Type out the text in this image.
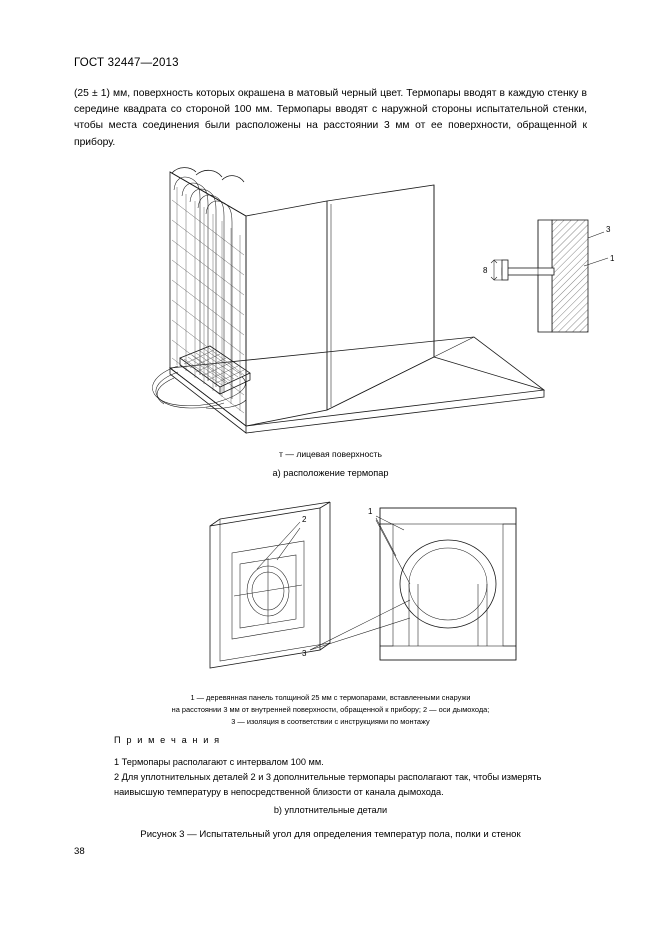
ГОСТ 32447—2013
(25 ± 1) мм, поверхность которых окрашена в матовый черный цвет. Термопары вводят в каждую стенку в середине квадрата со стороной 100 мм. Термопары вводят с наружной стороны испытательной стенки, чтобы места соединения были расположены на расстоянии 3 мм от ее поверхности, обращенной к прибору.
8
3
1
т — лицевая поверхность
а) расположение термопар
2
1
3
1 — деревянная панель толщиной 25 мм с термопарами, вставленными снаружи
на расстоянии 3 мм от внутренней поверхности, обращенной к прибору; 2 — оси дымохода;
3 — изоляция в соответствии с инструкциями по монтажу
П р и м е ч а н и я
1 Термопары располагают с интервалом 100 мм.
2 Для уплотнительных деталей 2 и 3 дополнительные термопары располагают так, чтобы измерять наивысшую температуру в непосредственной близости от канала дымохода.
b) уплотнительные детали
Рисунок 3 — Испытательный угол для определения температур пола, полки и стенок
38
